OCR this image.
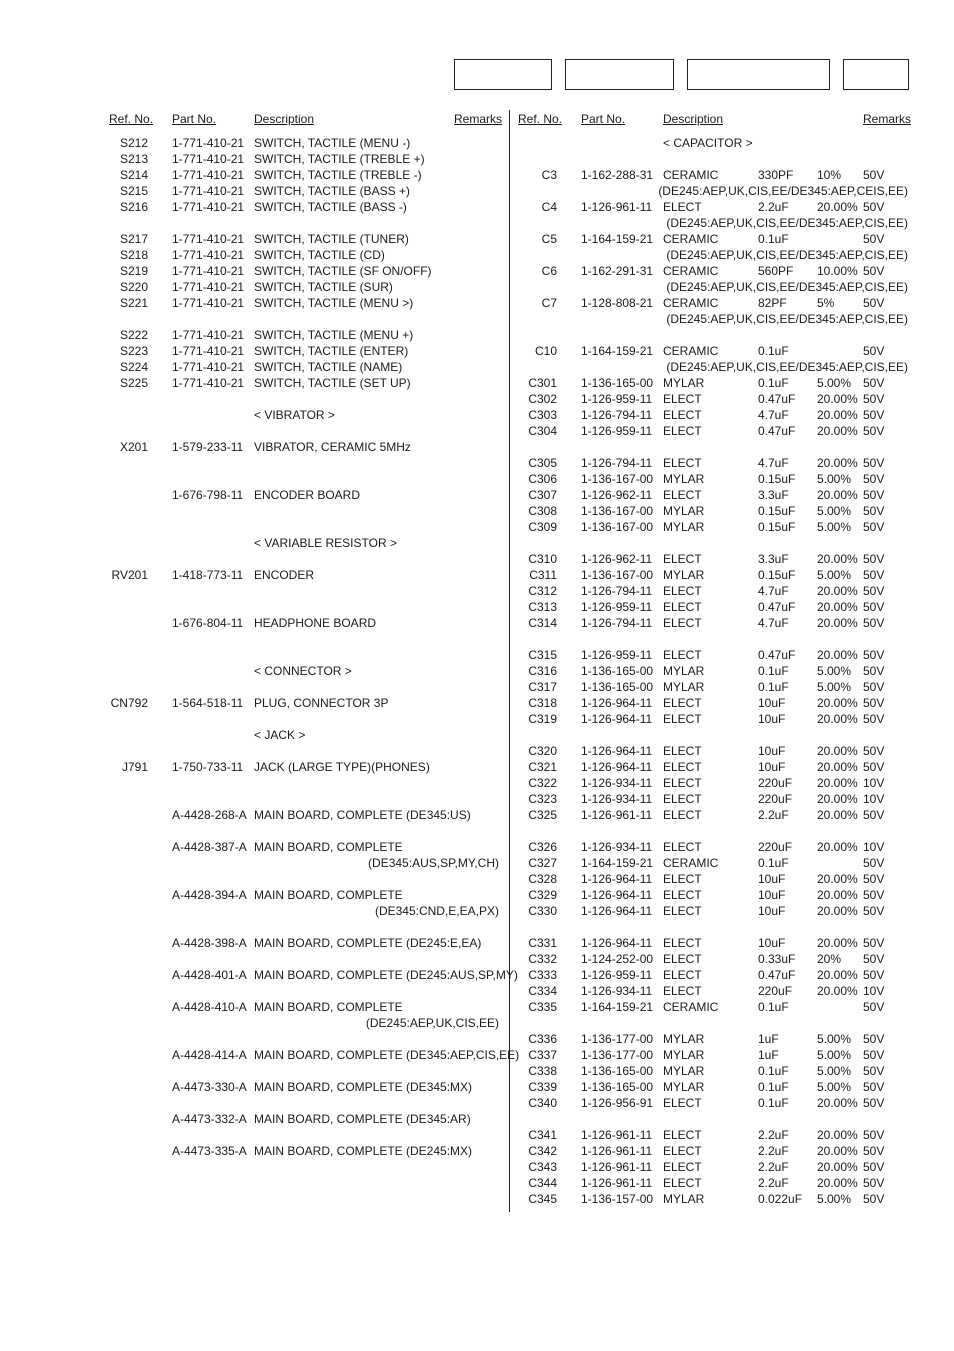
Ref. No. Part No.	Description	Remarks Ref. No. Part No.	Description	Remarks
S212 1-771-410-21 SWITCH, TACTILE (MENU -)
S213 1-771-410-21 SWITCH, TACTILE (TREBLE +)
S214 1-771-410-21 SWITCH, TACTILE (TREBLE -)
S215 1-771-410-21 SWITCH, TACTILE (BASS +)
S216 1-771-410-21 SWITCH, TACTILE (BASS -)
S217 1-771-410-21 SWITCH, TACTILE (TUNER)
S218 1-771-410-21 SWITCH, TACTILE (CD)
S219 1-771-410-21 SWITCH, TACTILE (SF ON/OFF)
S220 1-771-410-21 SWITCH, TACTILE (SUR)
S221 1-771-410-21 SWITCH, TACTILE (MENU >)
S222 1-771-410-21 SWITCH, TACTILE (MENU +)
S223 1-771-410-21 SWITCH, TACTILE (ENTER)
S224 1-771-410-21 SWITCH, TACTILE (NAME)
S225 1-771-410-21 SWITCH, TACTILE (SET UP)
< VIBRATOR >
X201 1-579-233-11 VIBRATOR, CERAMIC 5MHz
1-676-798-11 ENCODER BOARD
< VARIABLE RESISTOR >
RV201 1-418-773-11 ENCODER
1-676-804-11 HEADPHONE BOARD
< CONNECTOR >
CN792 1-564-518-11 PLUG, CONNECTOR 3P
< JACK >
J791 1-750-733-11 JACK (LARGE TYPE)(PHONES)
A-4428-268-A MAIN BOARD, COMPLETE (DE345:US)
A-4428-387-A MAIN BOARD, COMPLETE
(DE345:AUS,SP,MY,CH)
A-4428-394-A MAIN BOARD, COMPLETE
(DE345:CND,E,EA,PX)
A-4428-398-A MAIN BOARD, COMPLETE (DE245:E,EA)
A-4428-401-A MAIN BOARD, COMPLETE (DE245:AUS,SP,MY)
A-4428-410-A MAIN BOARD, COMPLETE
(DE245:AEP,UK,CIS,EE)
A-4428-414-A MAIN BOARD, COMPLETE (DE345:AEP,CIS,EE)
A-4473-330-A MAIN BOARD, COMPLETE (DE345:MX)
A-4473-332-A MAIN BOARD, COMPLETE (DE345:AR)
A-4473-335-A MAIN BOARD, COMPLETE (DE245:MX)
< CAPACITOR >
C3 1-162-288-31 CERAMIC	330PF 10% 50V
(DE245:AEP,UK,CIS,EE/DE345:AEP,CEIS,EE)
C4 1-126-961-11 ELECT	2.2uF 20.00% 50V
(DE245:AEP,UK,CIS,EE/DE345:AEP,CIS,EE)
C5 1-164-159-21 CERAMIC	0.1uF	50V
(DE245:AEP,UK,CIS,EE/DE345:AEP,CIS,EE)
C6 1-162-291-31 CERAMIC	560PF 10.00% 50V
(DE245:AEP,UK,CIS,EE/DE345:AEP,CIS,EE)
C7 1-128-808-21 CERAMIC	82PF	5% 50V
(DE245:AEP,UK,CIS,EE/DE345:AEP,CIS,EE)
C10 1-164-159-21 CERAMIC	0.1uF	50V
(DE245:AEP,UK,CIS,EE/DE345:AEP,CIS,EE)
C301 1-136-165-00 MYLAR	0.1uF 5.00% 50V
C302 1-126-959-11 ELECT	0.47uF 20.00% 50V
C303 1-126-794-11 ELECT	4.7uF 20.00% 50V
C304 1-126-959-11 ELECT	0.47uF 20.00% 50V
C305 1-126-794-11 ELECT	4.7uF 20.00% 50V
C306 1-136-167-00 MYLAR	0.15uF 5.00% 50V
C307 1-126-962-11 ELECT	3.3uF 20.00% 50V
C308 1-136-167-00 MYLAR	0.15uF 5.00% 50V
C309 1-136-167-00 MYLAR	0.15uF 5.00% 50V
C310 1-126-962-11 ELECT	3.3uF 20.00% 50V
C311 1-136-167-00 MYLAR	0.15uF 5.00% 50V
C312 1-126-794-11 ELECT	4.7uF 20.00% 50V
C313 1-126-959-11 ELECT	0.47uF 20.00% 50V
C314 1-126-794-11 ELECT	4.7uF 20.00% 50V
C315 1-126-959-11 ELECT	0.47uF 20.00% 50V
C316 1-136-165-00 MYLAR	0.1uF 5.00% 50V
C317 1-136-165-00 MYLAR	0.1uF 5.00% 50V
C318 1-126-964-11 ELECT	10uF	20.00% 50V
C319 1-126-964-11 ELECT	10uF	20.00% 50V
C320 1-126-964-11 ELECT	10uF	20.00% 50V
C321 1-126-964-11 ELECT	10uF	20.00% 50V
C322 1-126-934-11 ELECT	220uF 20.00% 10V
C323 1-126-934-11 ELECT	220uF 20.00% 10V
C325 1-126-961-11 ELECT	2.2uF 20.00% 50V
C326 1-126-934-11 ELECT	220uF 20.00% 10V
C327 1-164-159-21 CERAMIC	0.1uF	50V
C328 1-126-964-11 ELECT	10uF	20.00% 50V
C329 1-126-964-11 ELECT	10uF	20.00% 50V
C330 1-126-964-11 ELECT	10uF	20.00% 50V
C331 1-126-964-11 ELECT	10uF	20.00% 50V
C332 1-124-252-00 ELECT	0.33uF 20% 50V
C333 1-126-959-11 ELECT	0.47uF 20.00% 50V
C334 1-126-934-11 ELECT	220uF 20.00% 10V
C335 1-164-159-21 CERAMIC	0.1uF	50V
C336 1-136-177-00 MYLAR	1uF	5.00% 50V
C337 1-136-177-00 MYLAR	1uF	5.00% 50V
C338 1-136-165-00 MYLAR	0.1uF 5.00% 50V
C339 1-136-165-00 MYLAR	0.1uF 5.00% 50V
C340 1-126-956-91 ELECT	0.1uF 20.00% 50V
C341 1-126-961-11 ELECT	2.2uF 20.00% 50V
C342 1-126-961-11 ELECT	2.2uF 20.00% 50V
C343 1-126-961-11 ELECT	2.2uF 20.00% 50V
C344 1-126-961-11 ELECT	2.2uF 20.00% 50V
C345 1-136-157-00 MYLAR	0.022uF 5.00% 50V
